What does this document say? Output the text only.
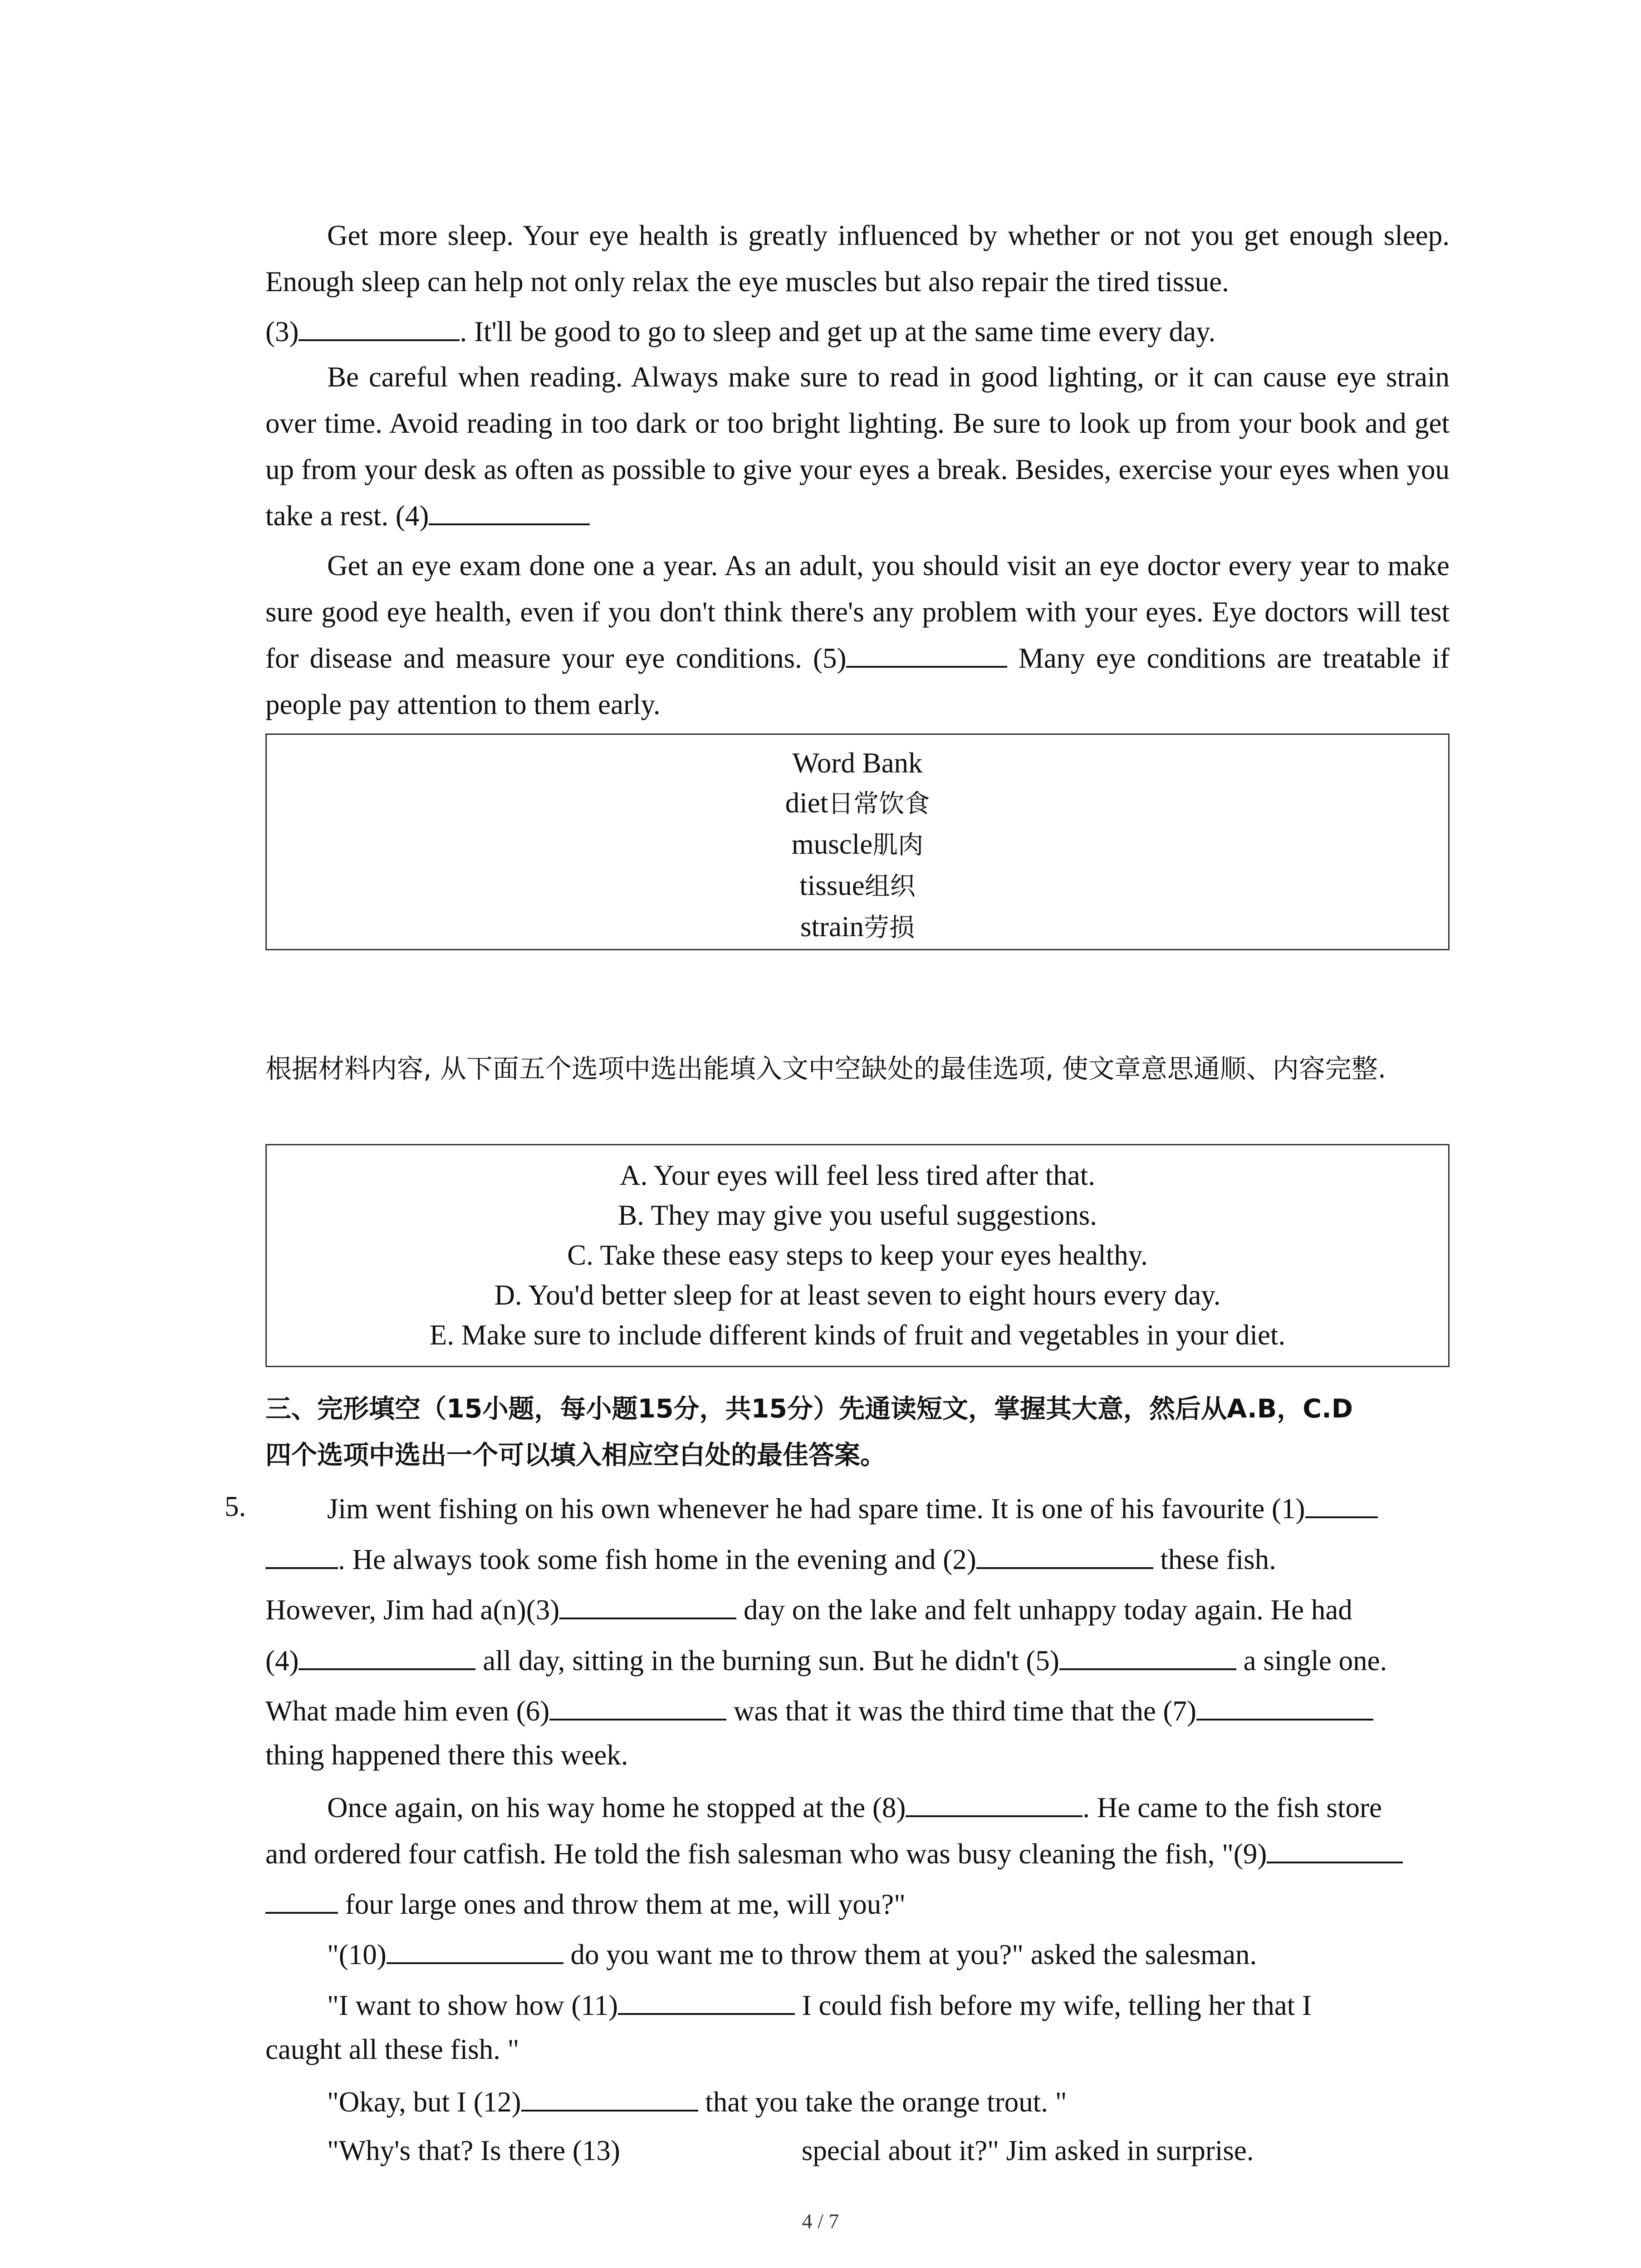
Get more sleep. Your eye health is greatly influenced by whether or not you get enough sleep. Enough sleep can help not only relax the eye muscles but also repair the tired tissue.
(3)	. It'll be good to go to sleep and get up at the same time every day.
Be careful when reading. Always make sure to read in good lighting, or it can cause eye strain over time. Avoid reading in too dark or too bright lighting. Be sure to look up from your book and get up from your desk as often as possible to give your eyes a break. Besides, exercise your eyes when you take a rest. (4)
Get an eye exam done one a year. As an adult, you should visit an eye doctor every year to make sure good eye health, even if you don't think there's any problem with your eyes. Eye doctors will test for disease and measure your eye conditions. (5)	Many eye conditions are treatable if people pay attention to them early.
Word Bank
diet日常饮食
muscle肌肉
tissue组织
strain劳损
根据材料内容, 从下面五个选项中选出能填入文中空缺处的最佳选项, 使文章意思通顺、内容完整.
A. Your eyes will feel less tired after that.
B. They may give you useful suggestions.
C. Take these easy steps to keep your eyes healthy.
D. You'd better sleep for at least seven to eight hours every day.
E. Make sure to include different kinds of fruit and vegetables in your diet.
三、完形填空（15小题，每小题15分，共15分）先通读短文，掌握其大意，然后从A.B，C.D
四个选项中选出一个可以填入相应空白处的最佳答案。
5.	Jim went fishing on his own whenever he had spare time. It is one of his favourite (1)
. He always took some fish home in the evening and (2)	these fish.
However, Jim had a(n)(3)	day on the lake and felt unhappy today again. He had
(4)	all day, sitting in the burning sun. But he didn't (5)	a single one.
What made him even (6)	was that it was the third time that the (7)
thing happened there this week.
Once again, on his way home he stopped at the (8)	. He came to the fish store
and ordered four catfish. He told the fish salesman who was busy cleaning the fish, "(9)
four large ones and throw them at me, will you?"
"(10)	do you want me to throw them at you?" asked the salesman.
"I want to show how (11)	I could fish before my wife, telling her that I
caught all these fish. "
"Okay, but I (12)	that you take the orange trout. "
"Why's that? Is there (13)	special about it?" Jim asked in surprise.
4 / 7
